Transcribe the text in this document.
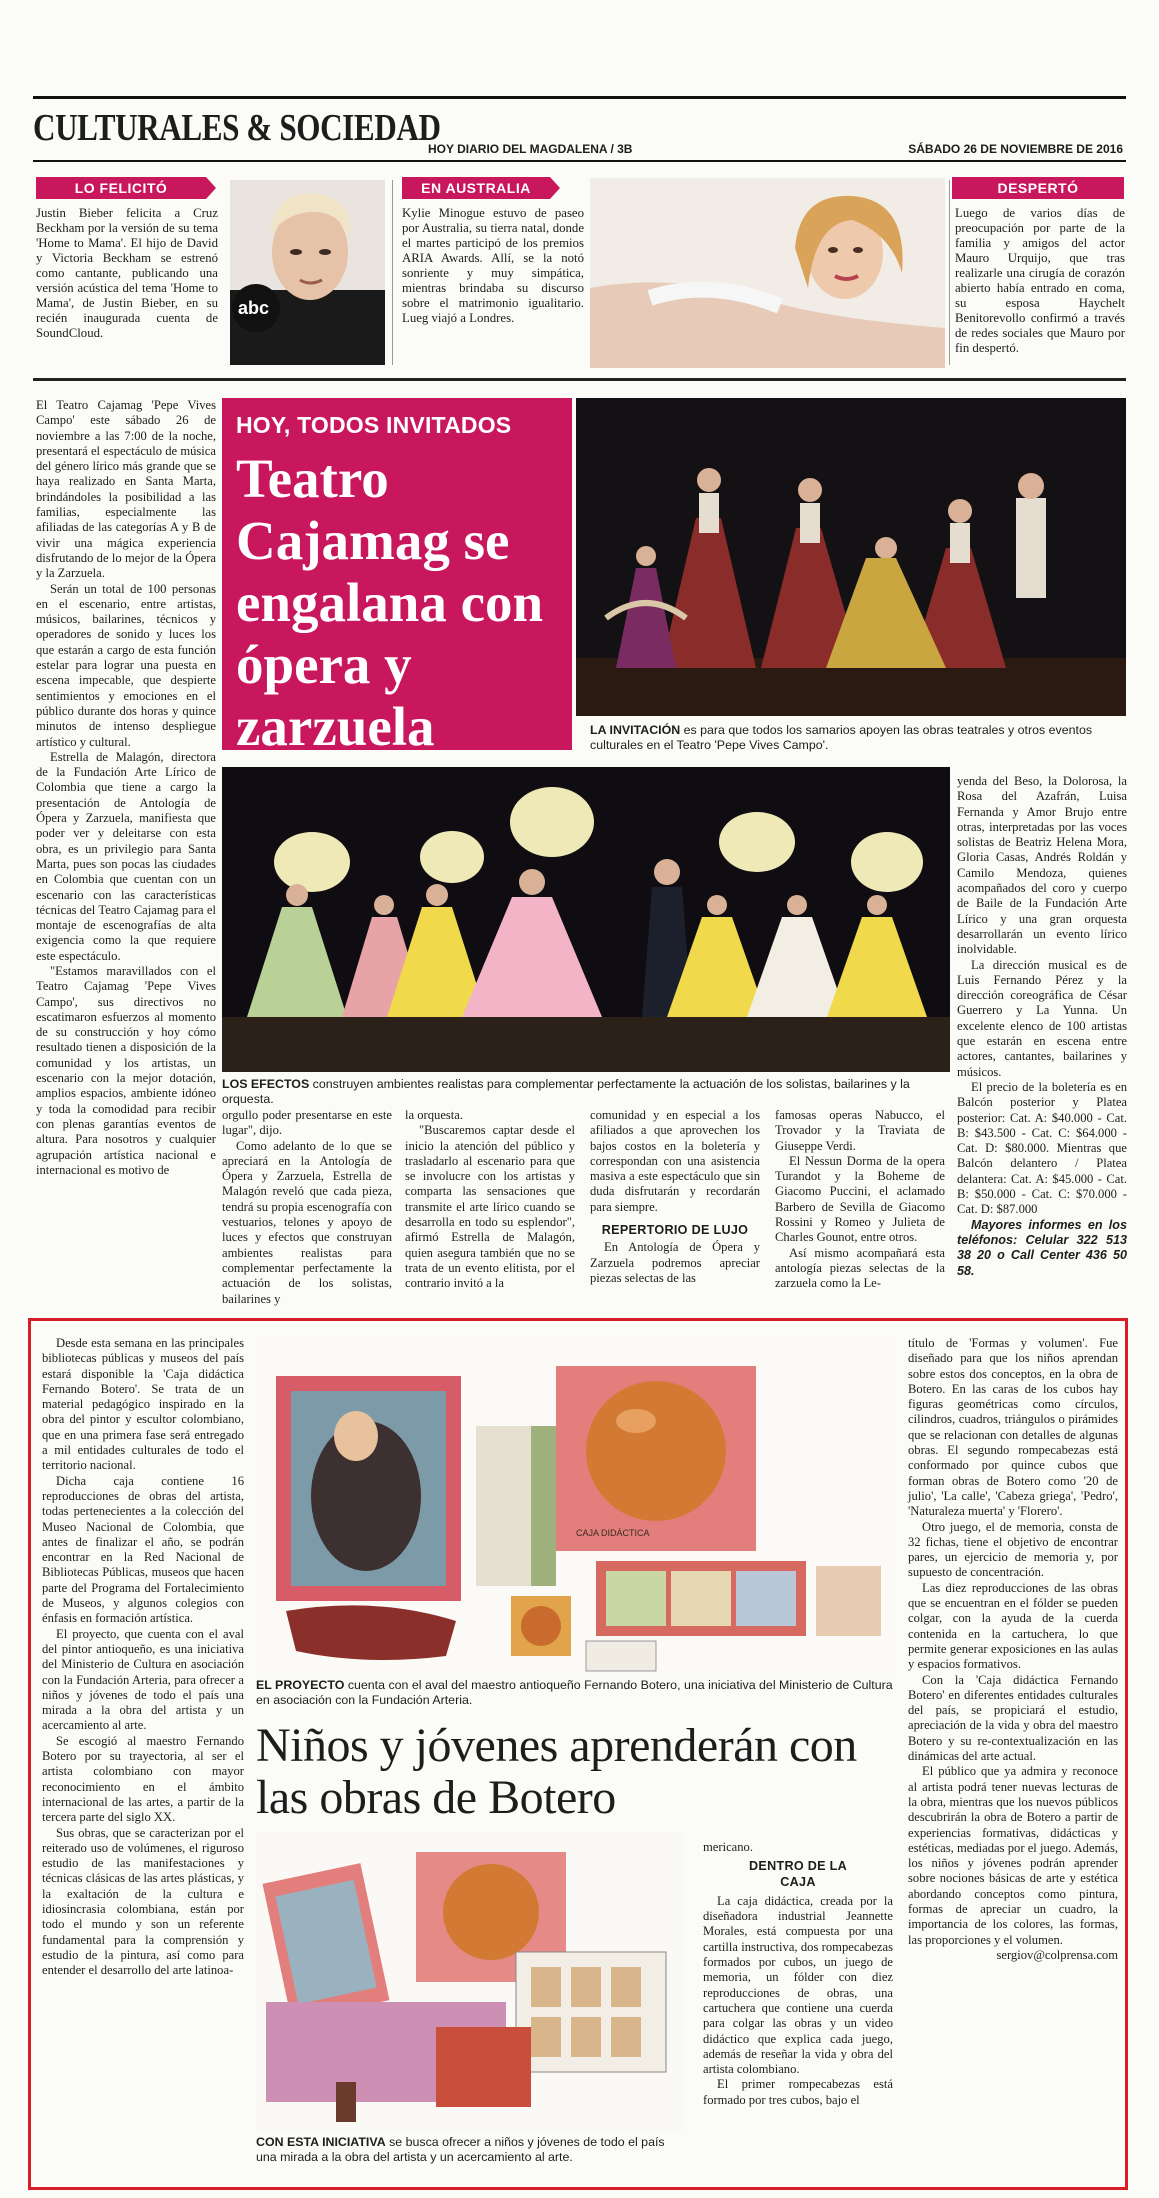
CULTURALES & SOCIEDAD
HOY DIARIO DEL MAGDALENA / 3B	SÁBADO 26 DE NOVIEMBRE DE 2016
LO FELICITÓ

Justin Bieber felicita a Cruz Beckham por la versión de su tema 'Home to Mama'. El hijo de David y Victoria Beckham se estrenó como cantante, publicando una versión acústica del tema 'Home to Mama', de Justin Bieber, en su recién inaugurada cuenta de SoundCloud.

abc
EN AUSTRALIA

Kylie Minogue estuvo de paseo por Australia, su tierra natal, donde el martes participó de los premios ARIA Awards. Allí, se la notó sonriente y muy simpática, mientras brindaba su discurso sobre el matrimonio igualitario. Lueg viajó a Londres.

DESPERTÓ

Luego de varios días de preocupación por parte de la familia y amigos del actor Mauro Urquijo, que tras realizarle una cirugía de corazón abierto había entrado en coma, su esposa Haychelt Benitorevollo confirmó a través de redes sociales que Mauro por fin despertó.

El Teatro Cajamag 'Pepe Vives Campo' este sábado 26 de noviembre a las 7:00 de la noche, presentará el espectáculo de música del género lírico más grande que se haya realizado en Santa Marta, brindándoles la posibilidad a las familias, especialmente las afiliadas de las categorías A y B de vivir una mágica experiencia disfrutando de lo mejor de la Ópera y la Zarzuela.

Serán un total de 100 personas en el escenario, entre artistas, músicos, bailarines, técnicos y operadores de sonido y luces los que estarán a cargo de esta función estelar para lograr una puesta en escena impecable, que despierte sentimientos y emociones en el público durante dos horas y quince minutos de intenso despliegue artístico y cultural.

Estrella de Malagón, directora de la Fundación Arte Lírico de Colombia que tiene a cargo la presentación de Antología de Ópera y Zarzuela, manifiesta que poder ver y deleitarse con esta obra, es un privilegio para Santa Marta, pues son pocas las ciudades en Colombia que cuentan con un escenario con las características técnicas del Teatro Cajamag para el montaje de escenografías de alta exigencia como la que requiere este espectáculo.

"Estamos maravillados con el Teatro Cajamag 'Pepe Vives Campo', sus directivos no escatimaron esfuerzos al momento de su construcción y hoy cómo resultado tienen a disposición de la comunidad y los artistas, un escenario con la mejor dotación, amplios espacios, ambiente idóneo y toda la comodidad para recibir con plenas garantías eventos de altura. Para nosotros y cualquier agrupación artística nacional e internacional es motivo de

HOY, TODOS INVITADOS
Teatro Cajamag se engalana con ópera y zarzuela	LA INVITACIÓN es para que todos los samarios apoyen las obras teatrales y otros eventos culturales en el Teatro 'Pepe Vives Campo'.
LOS EFECTOS construyen ambientes realistas para complementar perfectamente la actuación de los solistas, bailarines y la orquesta.

yenda del Beso, la Dolorosa, la Rosa del Azafrán, Luisa Fernanda y Amor Brujo entre otras, interpretadas por las voces solistas de Beatriz Helena Mora, Gloria Casas, Andrés Roldán y Camilo Mendoza, quienes acompañados del coro y cuerpo de Baile de la Fundación Arte Lírico y una gran orquesta desarrollarán un evento lírico inolvidable.

La dirección musical es de Luis Fernando Pérez y la dirección coreográfica de César Guerrero y La Yunna. Un excelente elenco de 100 artistas que estarán en escena entre actores, cantantes, bailarines y músicos.

El precio de la boletería es en Balcón posterior y Platea posterior: Cat. A: $40.000 - Cat. B: $43.500 - Cat. C: $64.000 - Cat. D: $80.000. Mientras que Balcón delantero / Platea delantera: Cat. A: $45.000 - Cat. B: $50.000 - Cat. C: $70.000 - Cat. D: $87.000

Mayores informes en los teléfonos: Celular 322 513 38 20 o Call Center 436 50 58.

orgullo poder presentarse en este lugar", dijo.

Como adelanto de lo que se apreciará en la Antología de Ópera y Zarzuela, Estrella de Malagón reveló que cada pieza, tendrá su propia escenografía con vestuarios, telones y apoyo de luces y efectos que construyan ambientes realistas para complementar perfectamente la actuación de los solistas, bailarines y

la orquesta.

"Buscaremos captar desde el inicio la atención del público y trasladarlo al escenario para que se involucre con los artistas y comparta las sensaciones que transmite el arte lírico cuando se desarrolla en todo su esplendor", afirmó Estrella de Malagón, quien asegura también que no se trata de un evento elitista, por el contrario invitó a la

comunidad y en especial a los afiliados a que aprovechen los bajos costos en la boletería y correspondan con una asistencia masiva a este espectáculo que sin duda disfrutarán y recordarán para siempre.

REPERTORIO DE LUJO

En Antología de Ópera y Zarzuela podremos apreciar piezas selectas de las

famosas operas Nabucco, el Trovador y la Traviata de Giuseppe Verdi.

El Nessun Dorma de la opera Turandot y la Boheme de Giacomo Puccini, el aclamado Barbero de Sevilla de Giacomo Rossini y Romeo y Julieta de Charles Gounot, entre otros.

Así mismo acompañará esta antología piezas selectas de la zarzuela como la Le-

Desde esta semana en las principales bibliotecas públicas y museos del país estará disponible la 'Caja didáctica Fernando Botero'. Se trata de un material pedagógico inspirado en la obra del pintor y escultor colombiano, que en una primera fase será entregado a mil entidades culturales de todo el territorio nacional.

Dicha caja contiene 16 reproducciones de obras del artista, todas pertenecientes a la colección del Museo Nacional de Colombia, que antes de finalizar el año, se podrán encontrar en la Red Nacional de Bibliotecas Públicas, museos que hacen parte del Programa del Fortalecimiento de Museos, y algunos colegios con énfasis en formación artística.

El proyecto, que cuenta con el aval del pintor antioqueño, es una iniciativa del Ministerio de Cultura en asociación con la Fundación Arteria, para ofrecer a niños y jóvenes de todo el país una mirada a la obra del artista y un acercamiento al arte.

Se escogió al maestro Fernando Botero por su trayectoria, al ser el artista colombiano con mayor reconocimiento en el ámbito internacional de las artes, a partir de la tercera parte del siglo XX.

Sus obras, que se caracterizan por el reiterado uso de volúmenes, el riguroso estudio de las manifestaciones y técnicas clásicas de las artes plásticas, y la exaltación de la cultura e idiosincrasia colombiana, están por todo el mundo y son un referente fundamental para la comprensión y estudio de la pintura, así como para entender el desarrollo del arte latinoa-

CAJA DIDÁCTICA
EL PROYECTO cuenta con el aval del maestro antioqueño Fernando Botero, una iniciativa del Ministerio de Cultura en asociación con la Fundación Arteria.
Niños y jóvenes aprenderán con las obras de Botero
CON ESTA INICIATIVA se busca ofrecer a niños y jóvenes de todo el país una mirada a la obra del artista y un acercamiento al arte.

mericano.

DENTRO DE LA CAJA

La caja didáctica, creada por la diseñadora industrial Jeannette Morales, está compuesta por una cartilla instructiva, dos rompecabezas formados por cubos, un juego de memoria, un fólder con diez reproducciones de obras, una cartuchera que contiene una cuerda para colgar las obras y un video didáctico que explica cada juego, además de reseñar la vida y obra del artista colombiano.

El primer rompecabezas está formado por tres cubos, bajo el

título de 'Formas y volumen'. Fue diseñado para que los niños aprendan sobre estos dos conceptos, en la obra de Botero. En las caras de los cubos hay figuras geométricas como círculos, cilindros, cuadros, triángulos o pirámides que se relacionan con detalles de algunas obras. El segundo rompecabezas está conformado por quince cubos que forman obras de Botero como '20 de julio', 'La calle', 'Cabeza griega', 'Pedro', 'Naturaleza muerta' y 'Florero'.

Otro juego, el de memoria, consta de 32 fichas, tiene el objetivo de encontrar pares, un ejercicio de memoria y, por supuesto de concentración.

Las diez reproducciones de las obras que se encuentran en el fólder se pueden colgar, con la ayuda de la cuerda contenida en la cartuchera, lo que permite generar exposiciones en las aulas y espacios formativos.

Con la 'Caja didáctica Fernando Botero' en diferentes entidades culturales del país, se propiciará el estudio, apreciación de la vida y obra del maestro Botero y su re-contextualización en las dinámicas del arte actual.

El público que ya admira y reconoce al artista podrá tener nuevas lecturas de la obra, mientras que los nuevos públicos descubrirán la obra de Botero a partir de experiencias formativas, didácticas y estéticas, mediadas por el juego. Además, los niños y jóvenes podrán aprender sobre nociones básicas de arte y estética abordando conceptos como pintura, formas de apreciar un cuadro, la importancia de los colores, las formas, las proporciones y el volumen.

sergiov@colprensa.com
